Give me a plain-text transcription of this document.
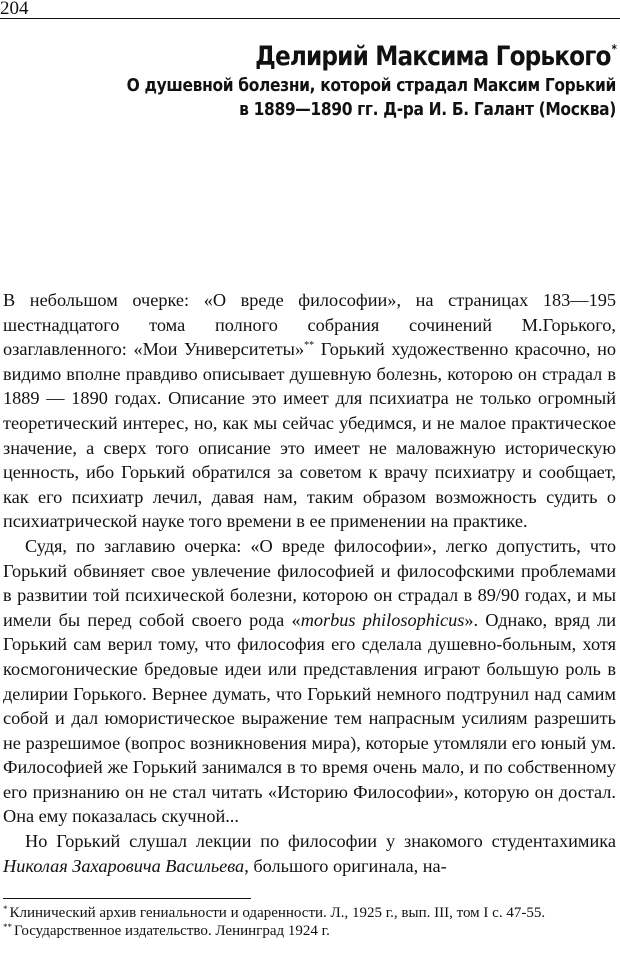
204
Делирий Максима Горького*
О душевной болезни, которой страдал Максим Горький
в 1889—1890 гг. Д-ра И. Б. Галант (Москва)

В небольшом очерке: «О вреде философии», на страницах 183—195 шестнадцатого тома полного собрания сочинений М.Горького, озаглавленного: «Мои Университеты»** Горький художественно красочно, но видимо вполне правдиво описывает душевную болезнь, которою он страдал в 1889 — 1890 годах. Описание это имеет для психиатра не только огромный теоретический интерес, но, как мы сейчас убедимся, и не малое практическое значение, а сверх того описание это имеет не маловажную историческую ценность, ибо Горький обратился за советом к врачу психиатру и сообщает, как его психиатр лечил, давая нам, таким образом возможность судить о психиатрической науке того времени в ее применении на практике.

Судя, по заглавию очерка: «О вреде философии», легко допустить, что Горький обвиняет свое увлечение философией и философскими проблемами в развитии той психической болезни, которою он страдал в 89/90 годах, и мы имели бы перед собой своего рода «morbus philosophicus». Однако, вряд ли Горький сам верил тому, что философия его сделала душевно-больным, хотя космогонические бредовые идеи или представления играют большую роль в делирии Горького. Вернее думать, что Горький немного подтрунил над самим собой и дал юмористическое выражение тем напрасным усилиям разрешить не разрешимое (вопрос возникновения мира), которые утомляли его юный ум. Философией же Горький занимался в то время очень мало, и по собственному его признанию он не стал читать «Историю Философии», которую он достал. Она ему показалась скучной...

Но Горький слушал лекции по философии у знакомого студентахимика Николая Захаровича Васильева, большого оригинала, на-

* Клинический архив гениальности и одаренности. Л., 1925 г., вып. III, том I с. 47-55.

** Государственное издательство. Ленинград 1924 г.
